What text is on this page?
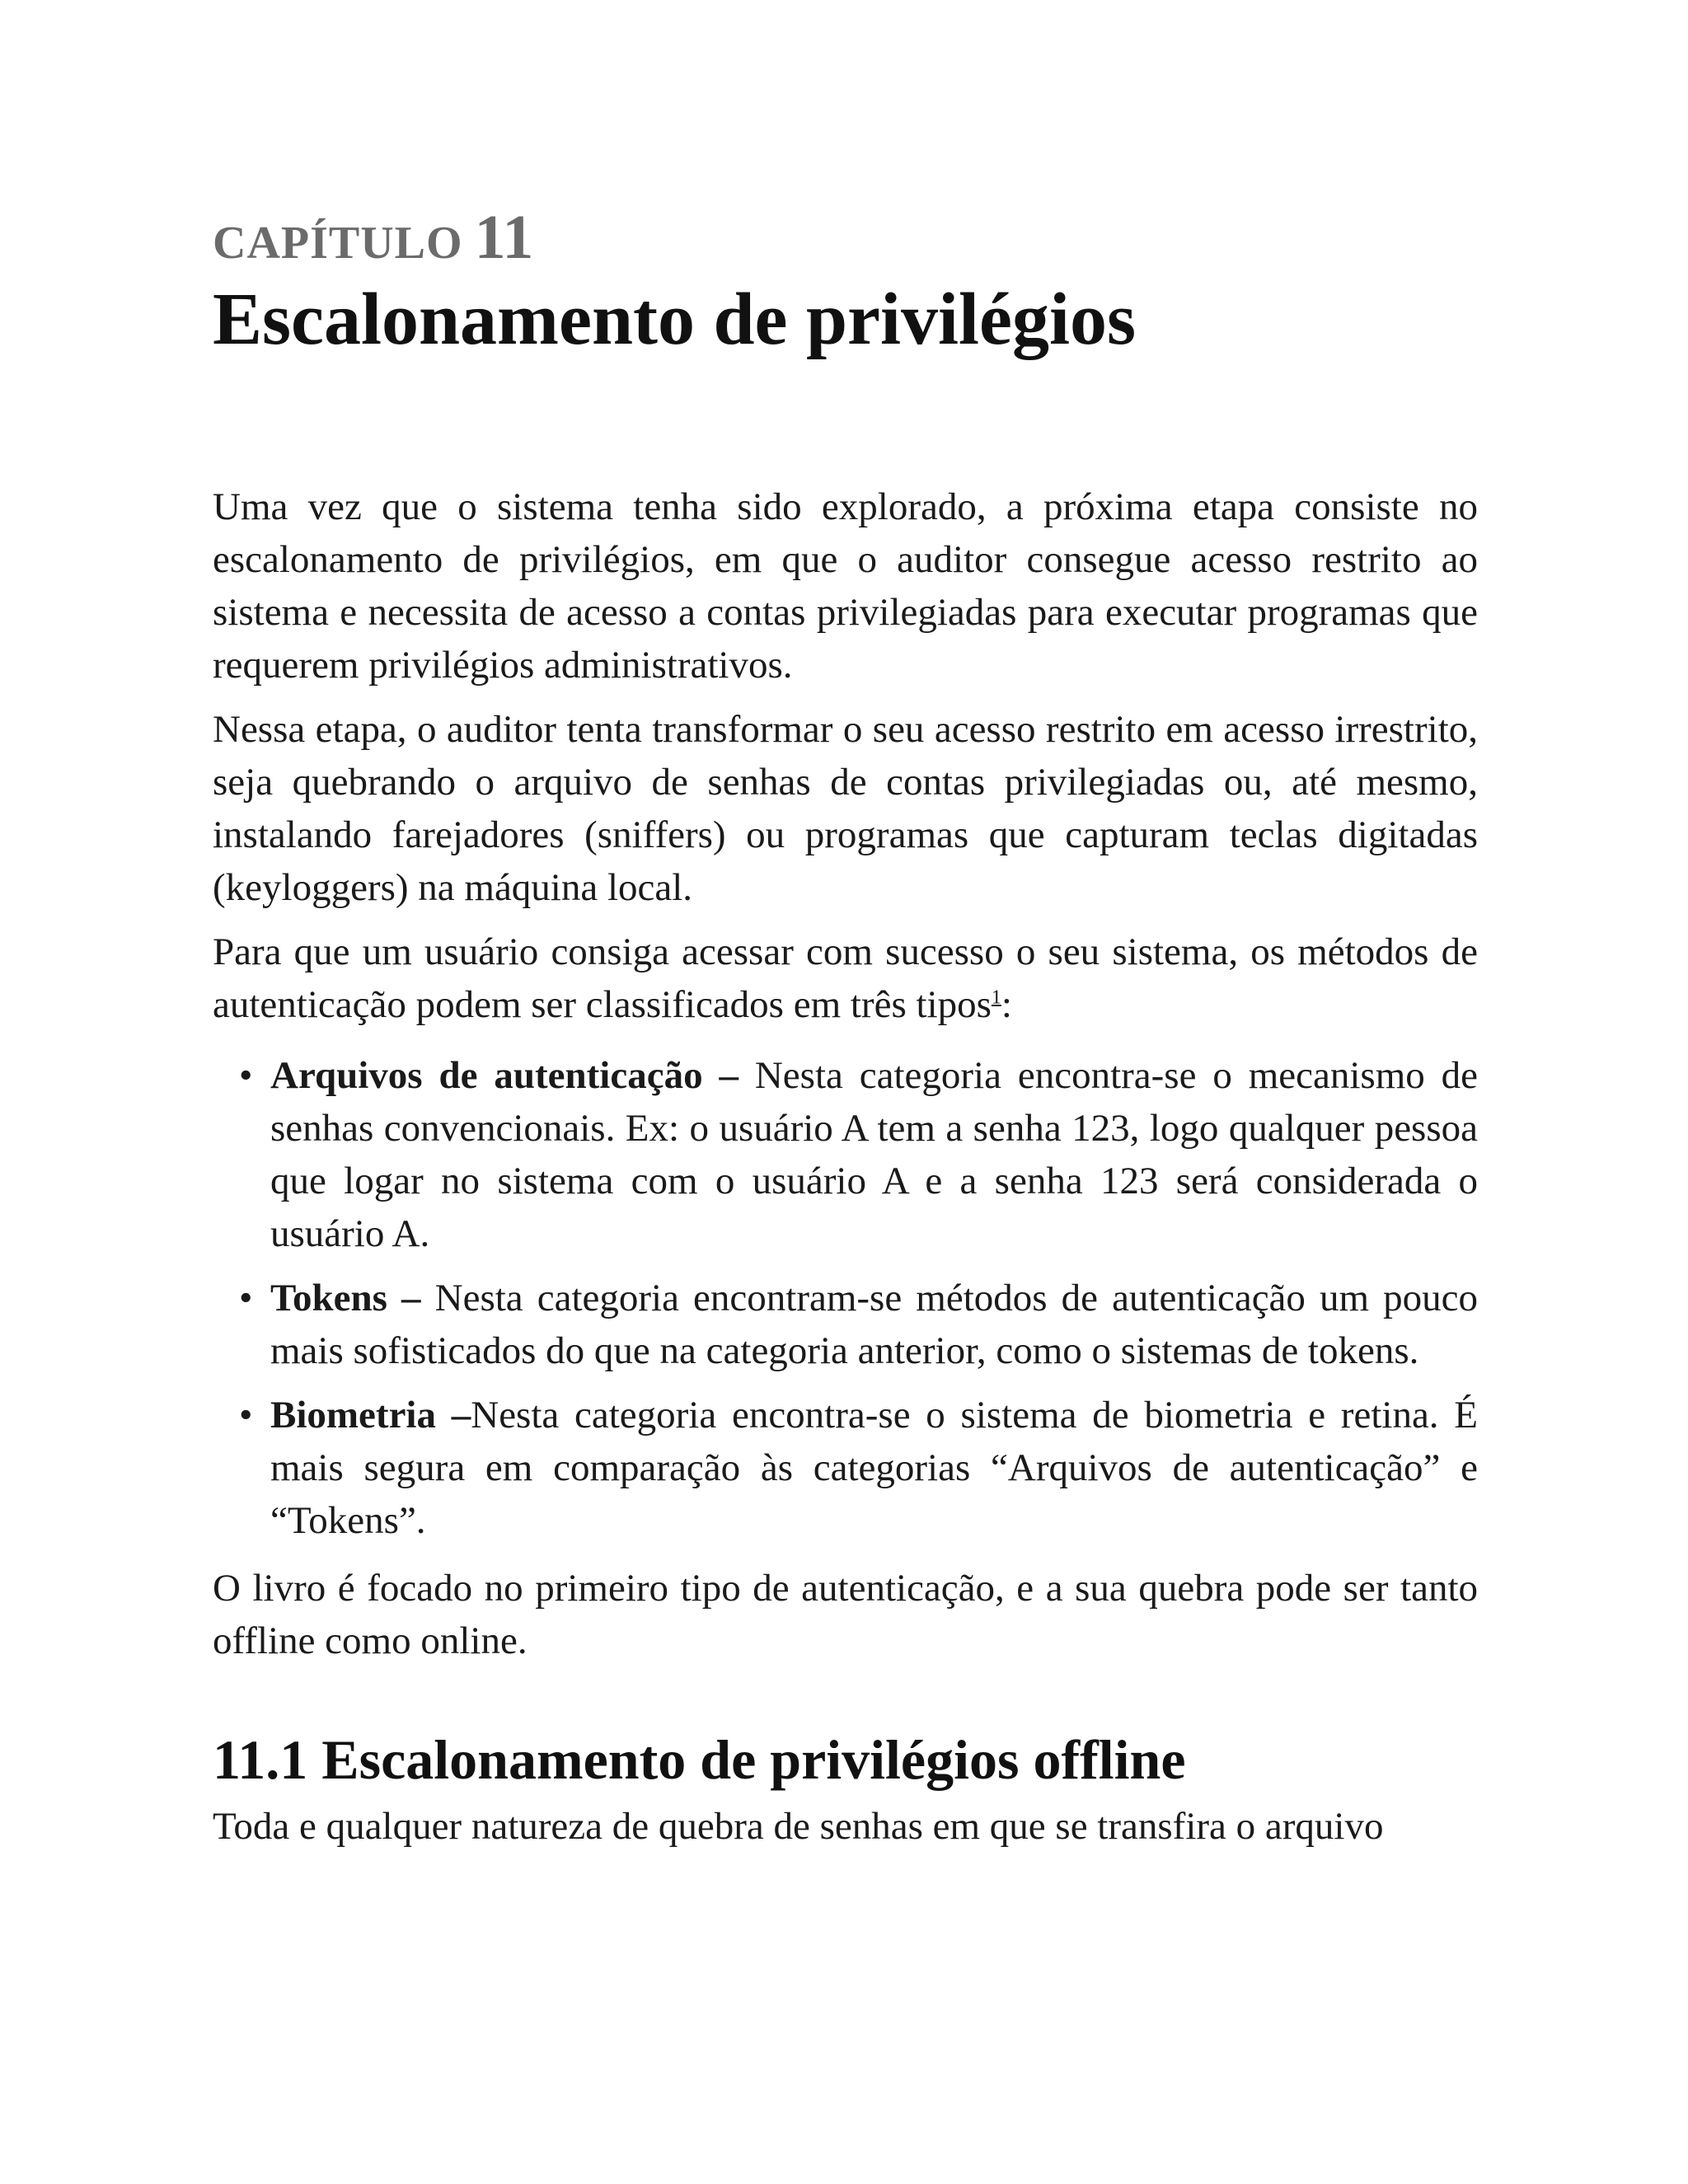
CAPÍTULO 11
Escalonamento de privilégios

Uma vez que o sistema tenha sido explorado, a próxima etapa consiste no escalonamento de privilégios, em que o auditor consegue acesso restrito ao sistema e necessita de acesso a contas privilegiadas para executar programas que requerem privilégios administrativos.

Nessa etapa, o auditor tenta transformar o seu acesso restrito em acesso irrestrito, seja quebrando o arquivo de senhas de contas privilegiadas ou, até mesmo, instalando farejadores (sniffers) ou programas que capturam teclas digitadas (keyloggers) na máquina local.

Para que um usuário consiga acessar com sucesso o seu sistema, os métodos de autenticação podem ser classificados em três tipos$^1$:

• Arquivos de autenticação – Nesta categoria encontra-se o mecanismo de senhas convencionais. Ex: o usuário A tem a senha 123, logo qualquer pessoa que logar no sistema com o usuário A e a senha 123 será considerada o usuário A.
• Tokens – Nesta categoria encontram-se métodos de autenticação um pouco mais sofisticados do que na categoria anterior, como o sistemas de tokens.
• Biometria –Nesta categoria encontra-se o sistema de biometria e retina. É mais segura em comparação às categorias “Arquivos de autenticação” e “Tokens”.

O livro é focado no primeiro tipo de autenticação, e a sua quebra pode ser tanto offline como online.

11.1 Escalonamento de privilégios offline

Toda e qualquer natureza de quebra de senhas em que se transfira o arquivo
